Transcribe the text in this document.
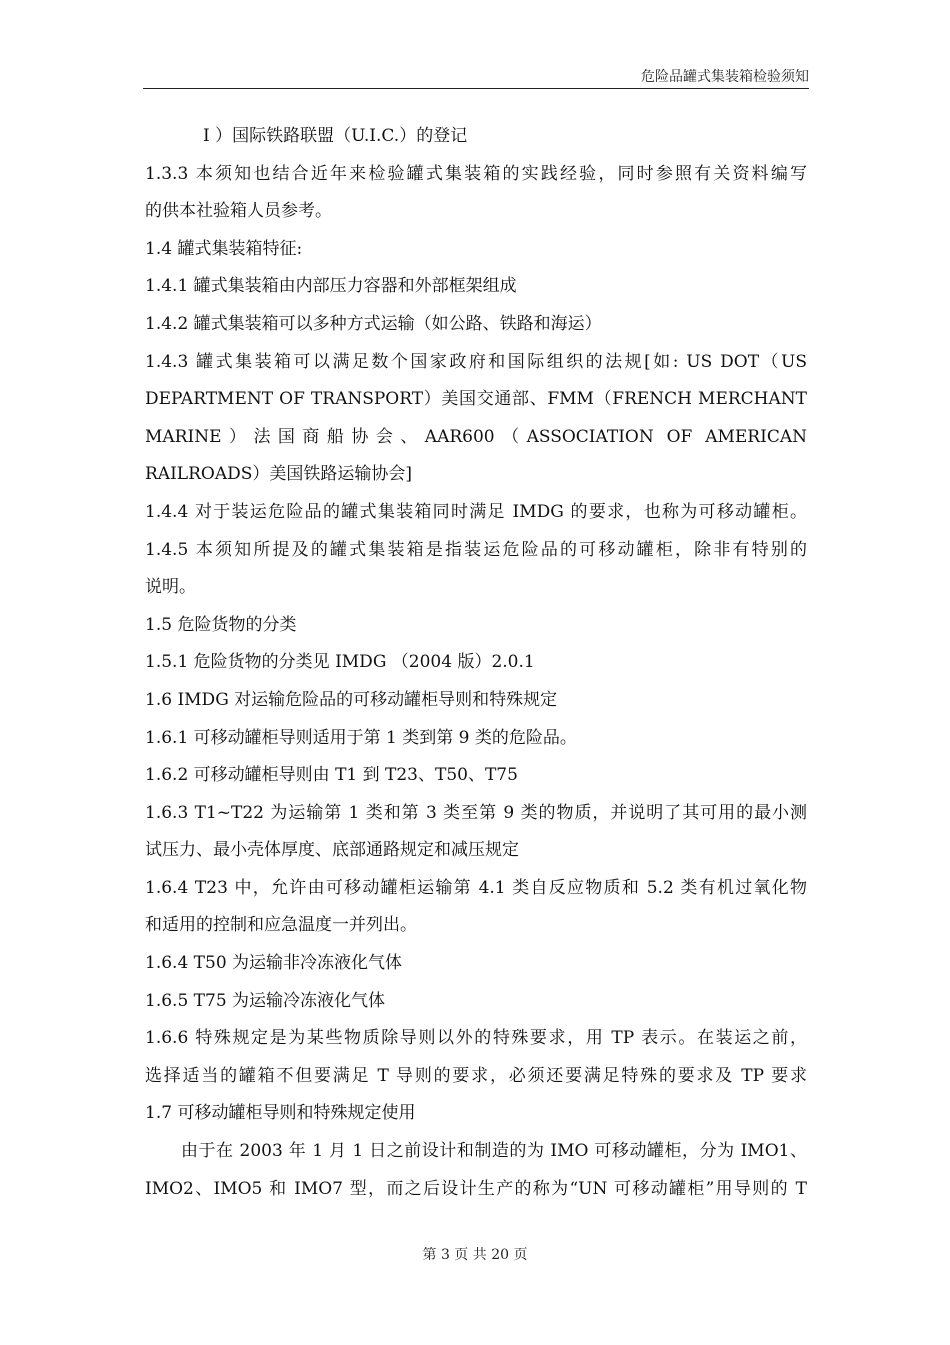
危险品罐式集装箱检验须知
I ）国际铁路联盟（U.I.C.）的登记
1.3.3 本须知也结合近年来检验罐式集装箱的实践经验，同时参照有关资料编写
的供本社验箱人员参考。
1.4 罐式集装箱特征:
1.4.1 罐式集装箱由内部压力容器和外部框架组成
1.4.2 罐式集装箱可以多种方式运输（如公路、铁路和海运）
1.4.3 罐式集装箱可以满足数个国家政府和国际组织的法规[如: US DOT（US
DEPARTMENT OF TRANSPORT）美国交通部、FMM（FRENCH MERCHANT
MARINE）法国商船协会、AAR600（ASSOCIATION OF AMERICAN
RAILROADS）美国铁路运输协会]
1.4.4 对于装运危险品的罐式集装箱同时满足 IMDG 的要求，也称为可移动罐柜。
1.4.5 本须知所提及的罐式集装箱是指装运危险品的可移动罐柜，除非有特别的
说明。
1.5 危险货物的分类
1.5.1 危险货物的分类见 IMDG （2004 版）2.0.1
1.6 IMDG 对运输危险品的可移动罐柜导则和特殊规定
1.6.1 可移动罐柜导则适用于第 1 类到第 9 类的危险品。
1.6.2 可移动罐柜导则由 T1 到 T23、T50、T75
1.6.3 T1~T22 为运输第 1 类和第 3 类至第 9 类的物质，并说明了其可用的最小测
试压力、最小壳体厚度、底部通路规定和减压规定
1.6.4 T23 中，允许由可移动罐柜运输第 4.1 类自反应物质和 5.2 类有机过氧化物
和适用的控制和应急温度一并列出。
1.6.4 T50 为运输非冷冻液化气体
1.6.5 T75 为运输冷冻液化气体
1.6.6 特殊规定是为某些物质除导则以外的特殊要求，用 TP 表示。在装运之前，
选择适当的罐箱不但要满足 T 导则的要求，必须还要满足特殊的要求及 TP 要求
1.7 可移动罐柜导则和特殊规定使用
由于在 2003 年 1 月 1 日之前设计和制造的为 IMO 可移动罐柜，分为 IMO1、
IMO2、IMO5 和 IMO7 型，而之后设计生产的称为“UN 可移动罐柜”用导则的 T
第 3 页 共 20 页
